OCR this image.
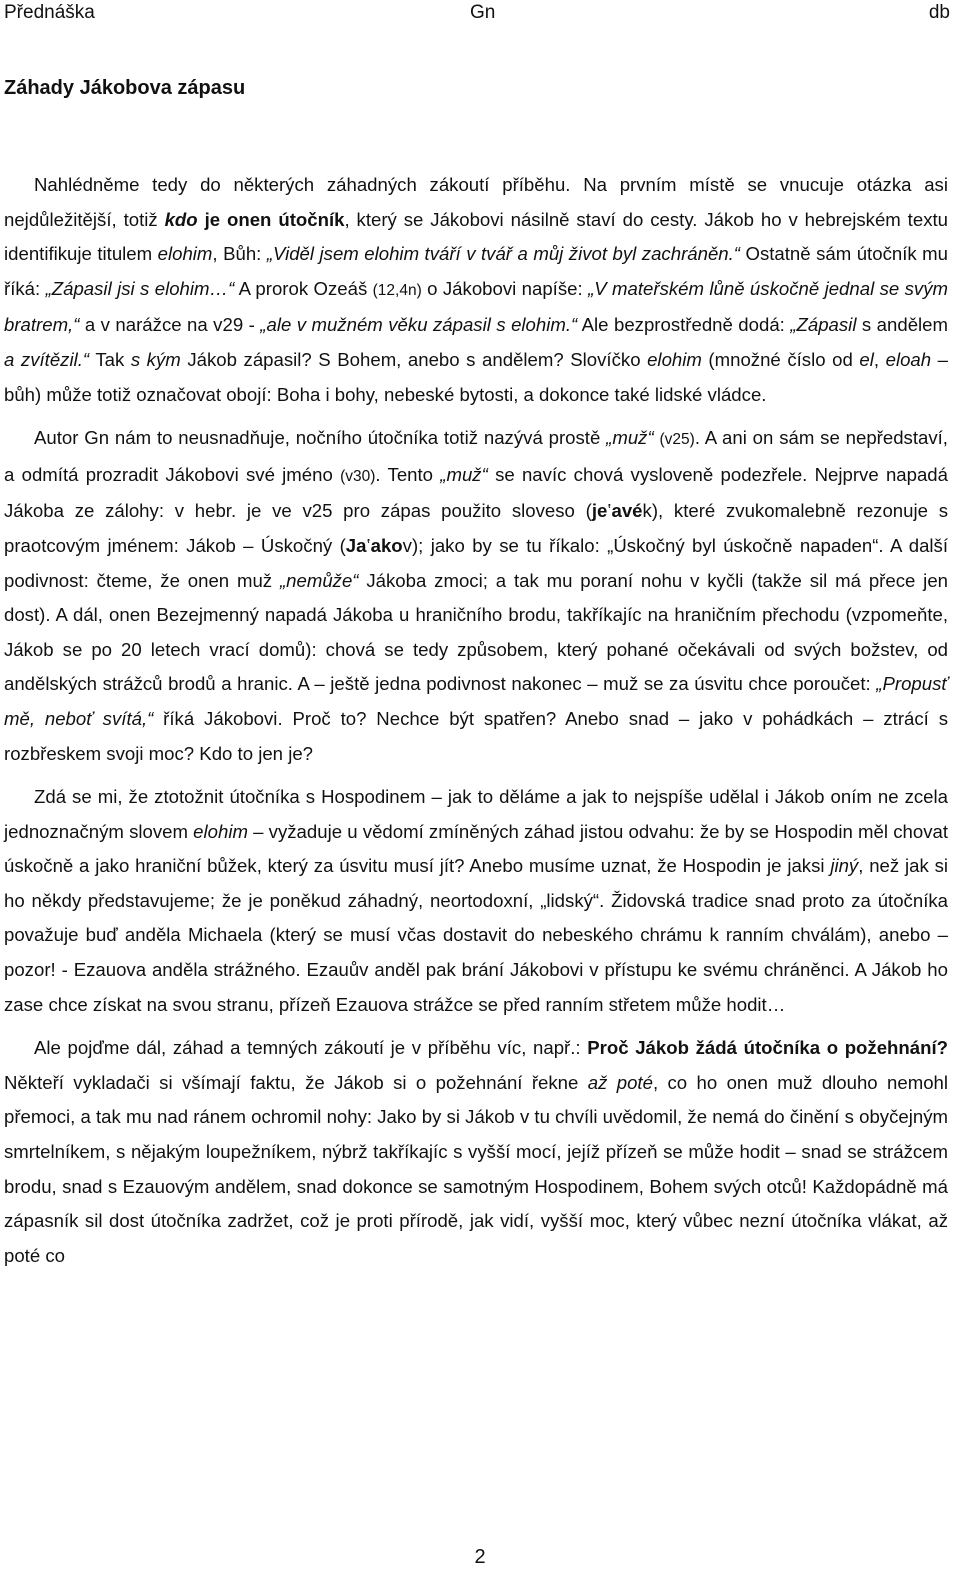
Přednáška	Gn	db
Záhady Jákobova zápasu

Nahlédněme tedy do některých záhadných zákoutí příběhu. Na prvním místě se vnucuje otázka asi nejdůležitější, totiž kdo je onen útočník, který se Jákobovi násilně staví do cesty. Jákob ho v hebrejském textu identifikuje titulem elohim, Bůh: „Viděl jsem elohim tváří v tvář a můj život byl zachráněn.“ Ostatně sám útočník mu říká: „Zápasil jsi s elohim…“ A prorok Ozeáš (12,4n) o Jákobovi napíše: „V mateřském lůně úskočně jednal se svým bratrem,“ a v narážce na v29 - „ale v mužném věku zápasil s elohim.“ Ale bezprostředně dodá: „Zápasil s andělem a zvítězil.“ Tak s kým Jákob zápasil? S Bohem, anebo s andělem? Slovíčko elohim (množné číslo od el, eloah – bůh) může totiž označovat obojí: Boha i bohy, nebeské bytosti, a dokonce také lidské vládce.

Autor Gn nám to neusnadňuje, nočního útočníka totiž nazývá prostě „muž“ (v25). A ani on sám se nepředstaví, a odmítá prozradit Jákobovi své jméno (v30). Tento „muž“ se navíc chová vysloveně podezřele. Nejprve napadá Jákoba ze zálohy: v hebr. je ve v25 pro zápas použito sloveso (je‛avék), které zvukomalebně rezonuje s praotcovým jménem: Jákob – Úskočný (Ja‛akov); jako by se tu říkalo: „Úskočný byl úskočně napaden“. A další podivnost: čteme, že onen muž „nemůže“ Jákoba zmoci; a tak mu poraní nohu v kyčli (takže sil má přece jen dost). A dál, onen Bezejmenný napadá Jákoba u hraničního brodu, takříkajíc na hraničním přechodu (vzpomeňte, Jákob se po 20 letech vrací domů): chová se tedy způsobem, který pohané očekávali od svých božstev, od andělských strážců brodů a hranic. A – ještě jedna podivnost nakonec – muž se za úsvitu chce poroučet: „Propusť mě, neboť svítá,“ říká Jákobovi. Proč to? Nechce být spatřen? Anebo snad – jako v pohádkách – ztrácí s rozbřeskem svoji moc? Kdo to jen je?

Zdá se mi, že ztotožnit útočníka s Hospodinem – jak to děláme a jak to nejspíše udělal i Jákob oním ne zcela jednoznačným slovem elohim – vyžaduje u vědomí zmíněných záhad jistou odvahu: že by se Hospodin měl chovat úskočně a jako hraniční bůžek, který za úsvitu musí jít? Anebo musíme uznat, že Hospodin je jaksi jiný, než jak si ho někdy představujeme; že je poněkud záhadný, neortodoxní, „lidský“. Židovská tradice snad proto za útočníka považuje buď anděla Michaela (který se musí včas dostavit do nebeského chrámu k ranním chválám), anebo – pozor! - Ezauova anděla strážného. Ezauův anděl pak brání Jákobovi v přístupu ke svému chráněnci. A Jákob ho zase chce získat na svou stranu, přízeň Ezauova strážce se před ranním střetem může hodit…

Ale pojďme dál, záhad a temných zákoutí je v příběhu víc, např.: Proč Jákob žádá útočníka o požehnání? Někteří vykladači si všímají faktu, že Jákob si o požehnání řekne až poté, co ho onen muž dlouho nemohl přemoci, a tak mu nad ránem ochromil nohy: Jako by si Jákob v tu chvíli uvědomil, že nemá do činění s obyčejným smrtelníkem, s nějakým loupežníkem, nýbrž takříkajíc s vyšší mocí, jejíž přízeň se může hodit – snad se strážcem brodu, snad s Ezauovým andělem, snad dokonce se samotným Hospodinem, Bohem svých otců! Každopádně má zápasník sil dost útočníka zadržet, což je proti přírodě, jak vidí, vyšší moc, který vůbec nezní útočníka vlákat, až poté co

2
